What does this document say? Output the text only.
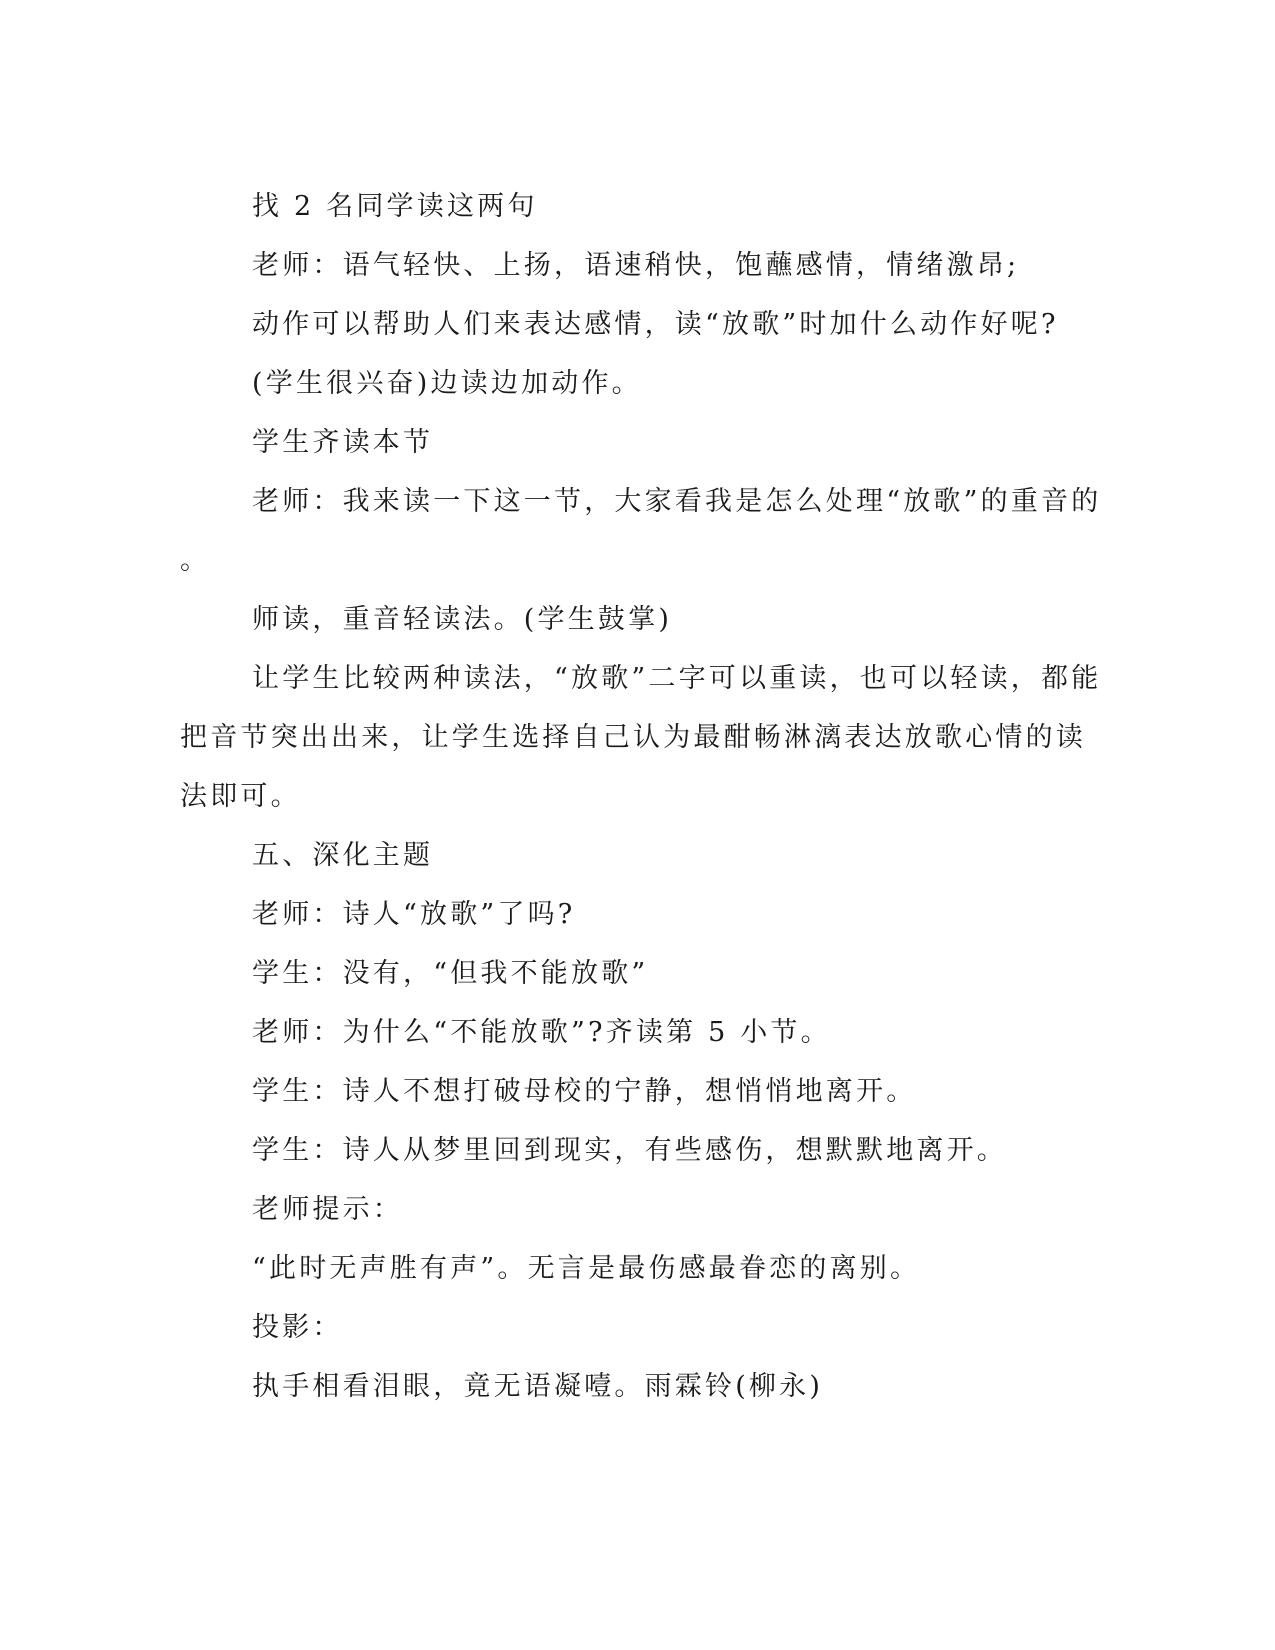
找 2 名同学读这两句

老师：语气轻快、上扬，语速稍快，饱蘸感情，情绪激昂;

动作可以帮助人们来表达感情，读“放歌”时加什么动作好呢?

(学生很兴奋)边读边加动作。

学生齐读本节

老师：我来读一下这一节，大家看我是怎么处理“放歌”的重音的

。

师读，重音轻读法。(学生鼓掌)

让学生比较两种读法，“放歌”二字可以重读，也可以轻读，都能

把音节突出出来，让学生选择自己认为最酣畅淋漓表达放歌心情的读

法即可。

五、深化主题

老师：诗人“放歌”了吗?

学生：没有，“但我不能放歌”

老师：为什么“不能放歌”?齐读第 5 小节。

学生：诗人不想打破母校的宁静，想悄悄地离开。

学生：诗人从梦里回到现实，有些感伤，想默默地离开。

老师提示：

“此时无声胜有声”。无言是最伤感最眷恋的离别。

投影：

执手相看泪眼，竟无语凝噎。雨霖铃(柳永)
